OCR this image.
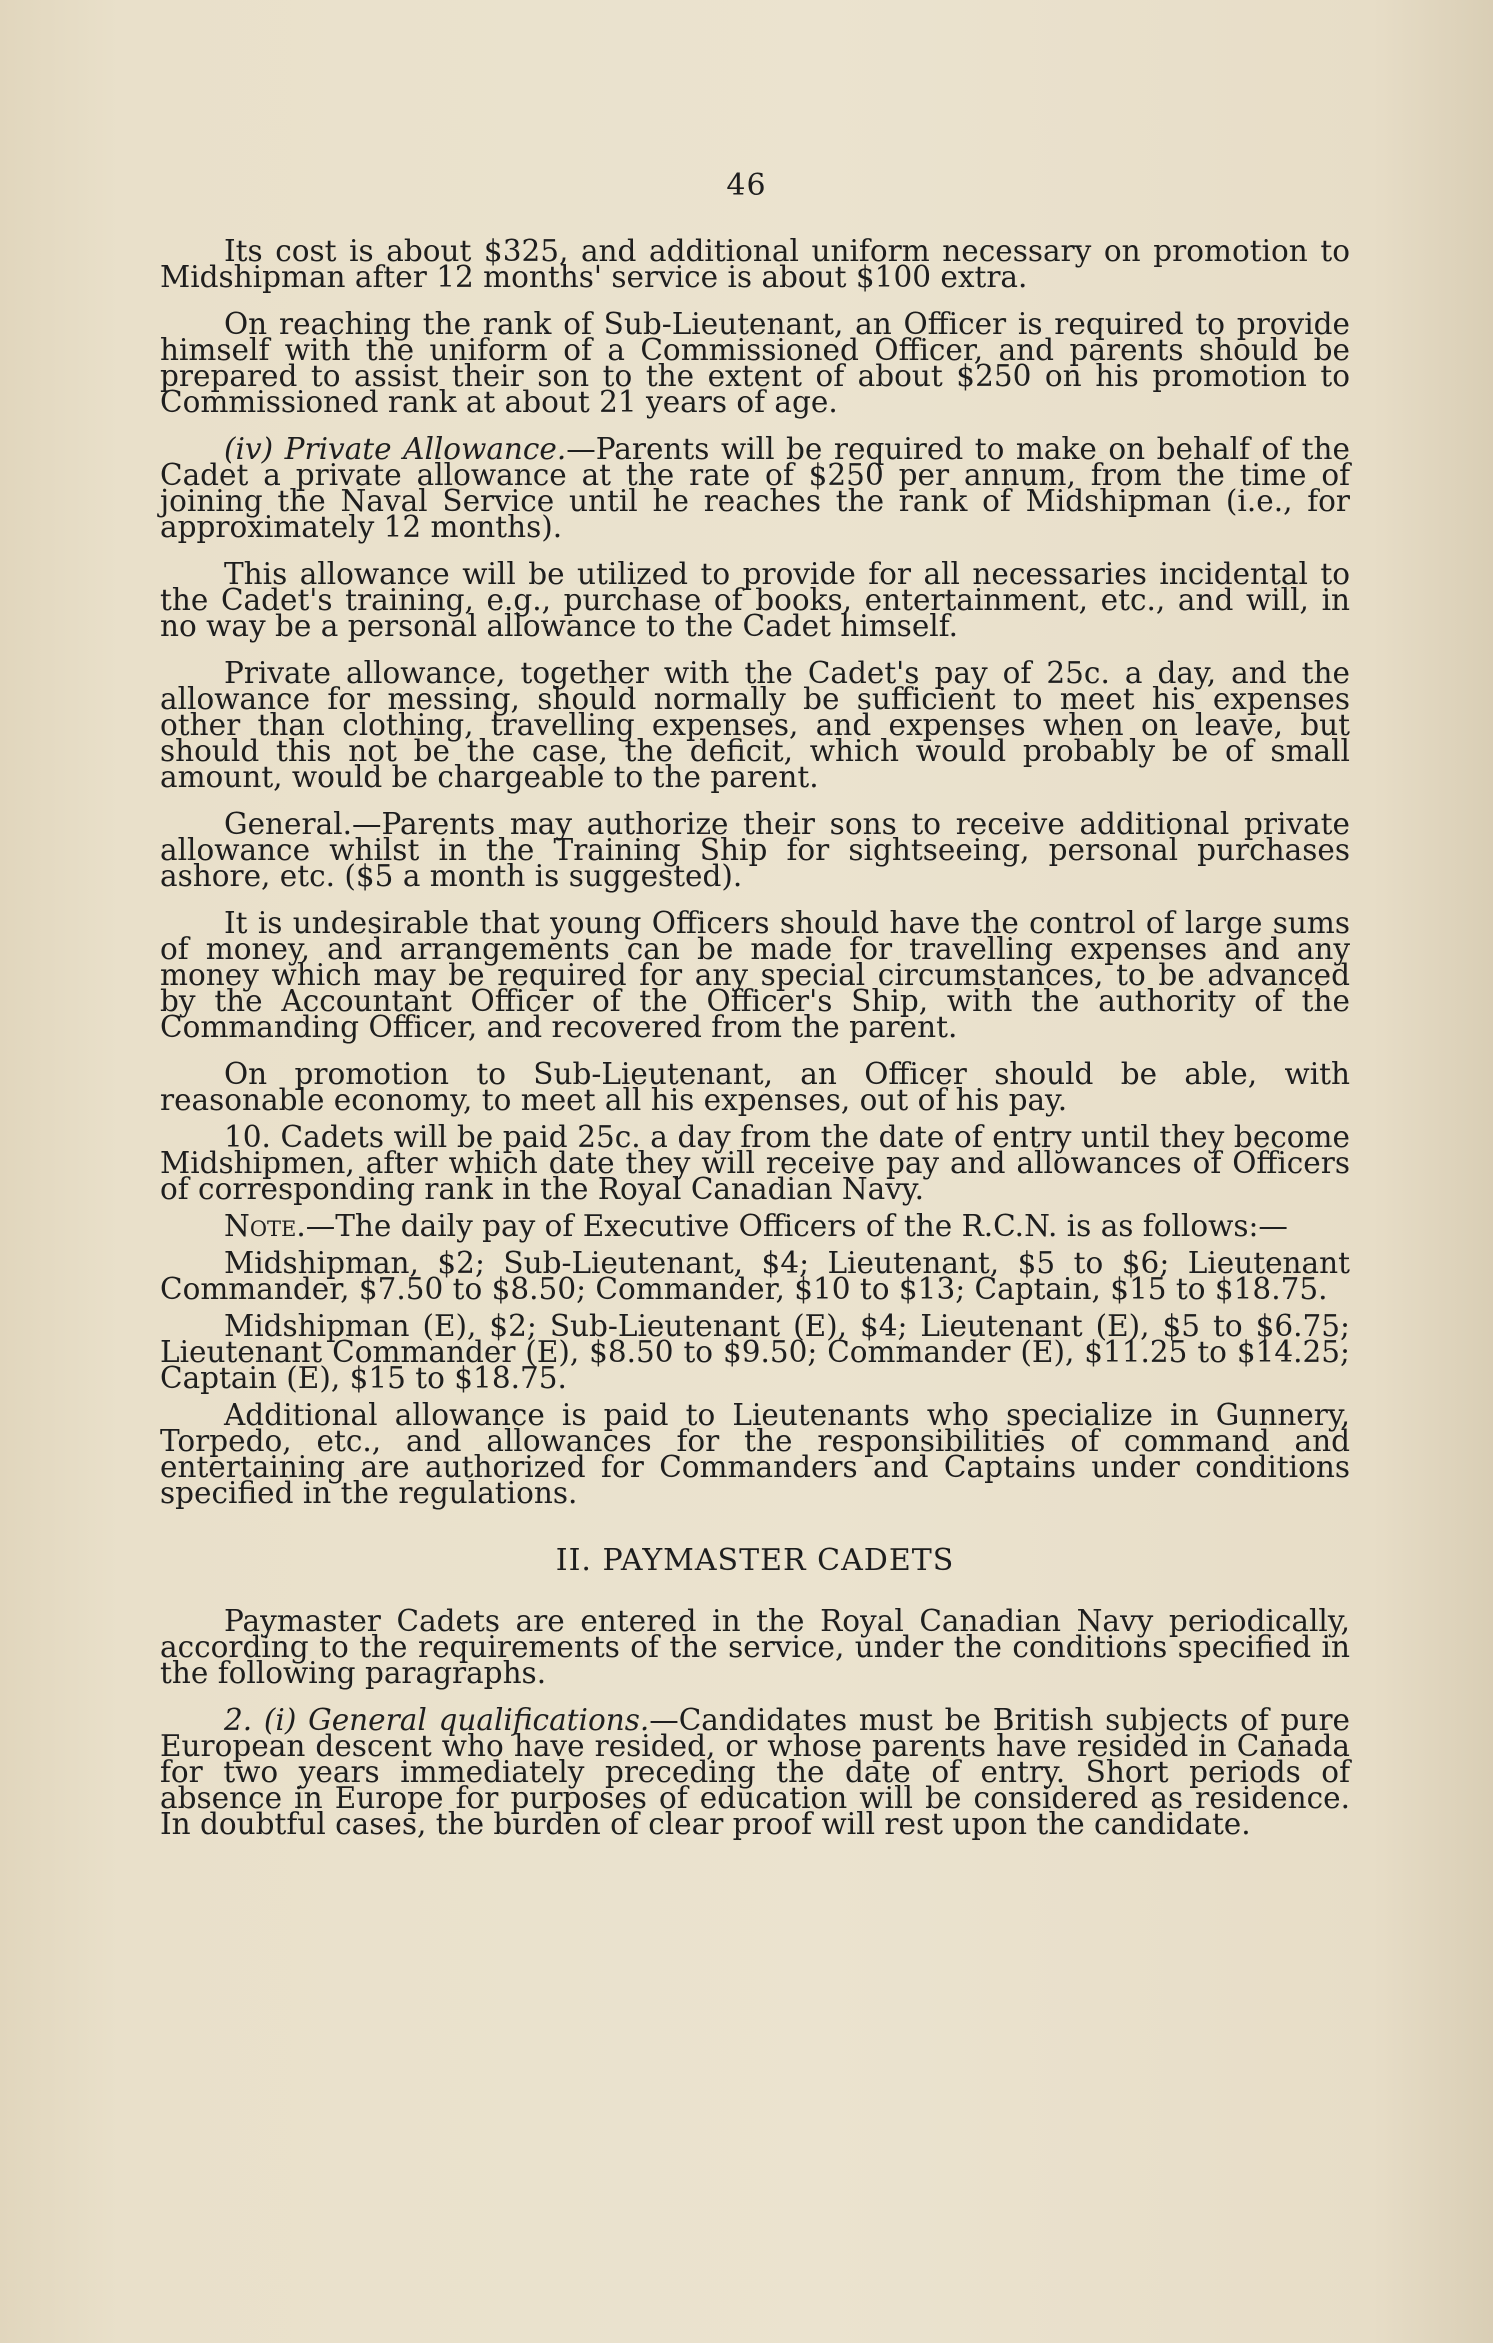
46

Its cost is about $325, and additional uniform necessary on promotion to Midshipman after 12 months' service is about $100 extra.

On reaching the rank of Sub-Lieutenant, an Officer is required to provide himself with the uniform of a Commissioned Officer, and parents should be prepared to assist their son to the extent of about $250 on his promotion to Commissioned rank at about 21 years of age.

(iv) Private Allowance.—Parents will be required to make on behalf of the Cadet a private allowance at the rate of $250 per annum, from the time of joining the Naval Service until he reaches the rank of Midshipman (i.e., for approximately 12 months).

This allowance will be utilized to provide for all necessaries incidental to the Cadet's training, e.g., purchase of books, entertainment, etc., and will, in no way be a personal allowance to the Cadet himself.

Private allowance, together with the Cadet's pay of 25c. a day, and the allowance for messing, should normally be sufficient to meet his expenses other than clothing, travelling expenses, and expenses when on leave, but should this not be the case, the deficit, which would probably be of small amount, would be chargeable to the parent.

General.—Parents may authorize their sons to receive additional private allowance whilst in the Training Ship for sightseeing, personal purchases ashore, etc. ($5 a month is suggested).

It is undesirable that young Officers should have the control of large sums of money, and arrangements can be made for travelling expenses and any money which may be required for any special circumstances, to be advanced by the Accountant Officer of the Officer's Ship, with the authority of the Commanding Officer, and recovered from the parent.

On promotion to Sub-Lieutenant, an Officer should be able, with reasonable economy, to meet all his expenses, out of his pay.

10. Cadets will be paid 25c. a day from the date of entry until they become Midshipmen, after which date they will receive pay and allowances of Officers of corresponding rank in the Royal Canadian Navy.

Note.—The daily pay of Executive Officers of the R.C.N. is as follows:—

Midshipman, $2; Sub-Lieutenant, $4; Lieutenant, $5 to $6; Lieutenant Commander, $7.50 to $8.50; Commander, $10 to $13; Captain, $15 to $18.75.

Midshipman (E), $2; Sub-Lieutenant (E), $4; Lieutenant (E), $5 to $6.75; Lieutenant Commander (E), $8.50 to $9.50; Commander (E), $11.25 to $14.25; Captain (E), $15 to $18.75.

Additional allowance is paid to Lieutenants who specialize in Gunnery, Torpedo, etc., and allowances for the responsibilities of command and entertaining are authorized for Commanders and Captains under conditions specified in the regulations.

II. PAYMASTER CADETS

Paymaster Cadets are entered in the Royal Canadian Navy periodically, according to the requirements of the service, under the conditions specified in the following paragraphs.

2. (i) General qualifications.—Candidates must be British subjects of pure European descent who have resided, or whose parents have resided in Canada for two years immediately preceding the date of entry. Short periods of absence in Europe for purposes of education will be considered as residence. In doubtful cases, the burden of clear proof will rest upon the candidate.
